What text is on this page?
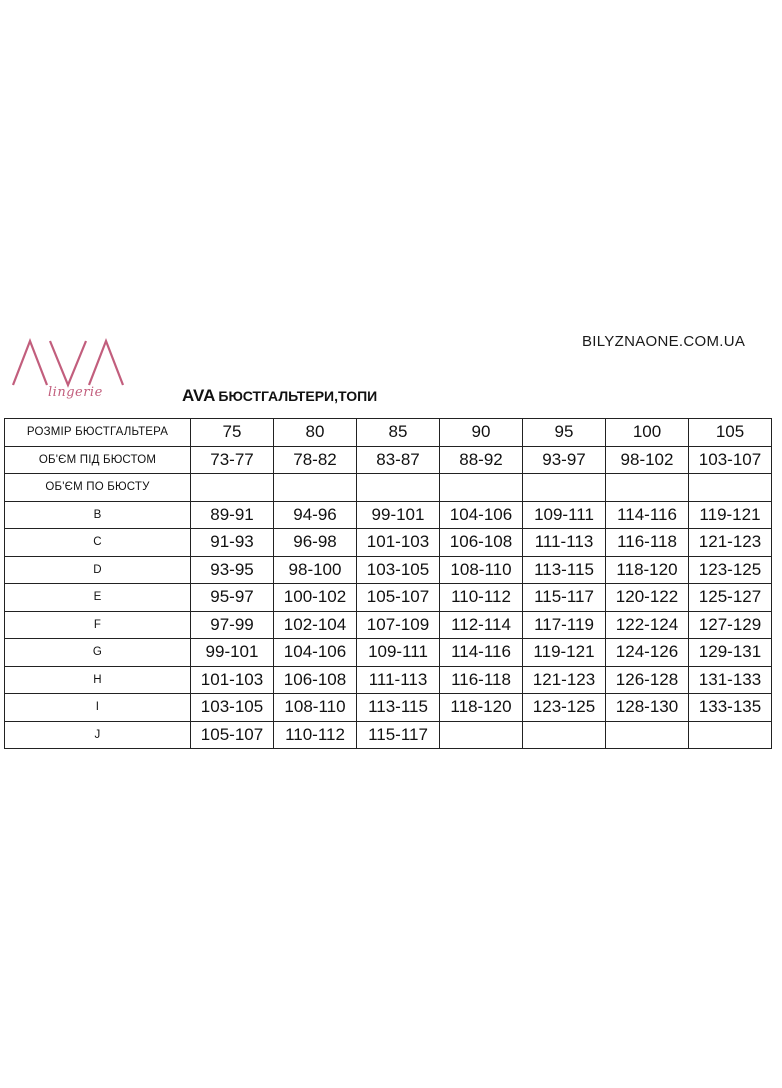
lingerie
BILYZNAONE.COM.UA
AVA БЮСТГАЛЬТЕРИ,ТОПИ
РОЗМІР БЮСТГАЛЬТЕРА	75	80	85	90	95	100	105
ОБ'ЄМ ПІД БЮСТОМ	73-77	78-82	83-87	88-92	93-97	98-102	103-107
ОБ'ЄМ ПО БЮСТУ							
B	89-91	94-96	99-101	104-106	109-111	114-116	119-121
C	91-93	96-98	101-103	106-108	111-113	116-118	121-123
D	93-95	98-100	103-105	108-110	113-115	118-120	123-125
E	95-97	100-102	105-107	110-112	115-117	120-122	125-127
F	97-99	102-104	107-109	112-114	117-119	122-124	127-129
G	99-101	104-106	109-111	114-116	119-121	124-126	129-131
H	101-103	106-108	111-113	116-118	121-123	126-128	131-133
I	103-105	108-110	113-115	118-120	123-125	128-130	133-135
J	105-107	110-112	115-117				
